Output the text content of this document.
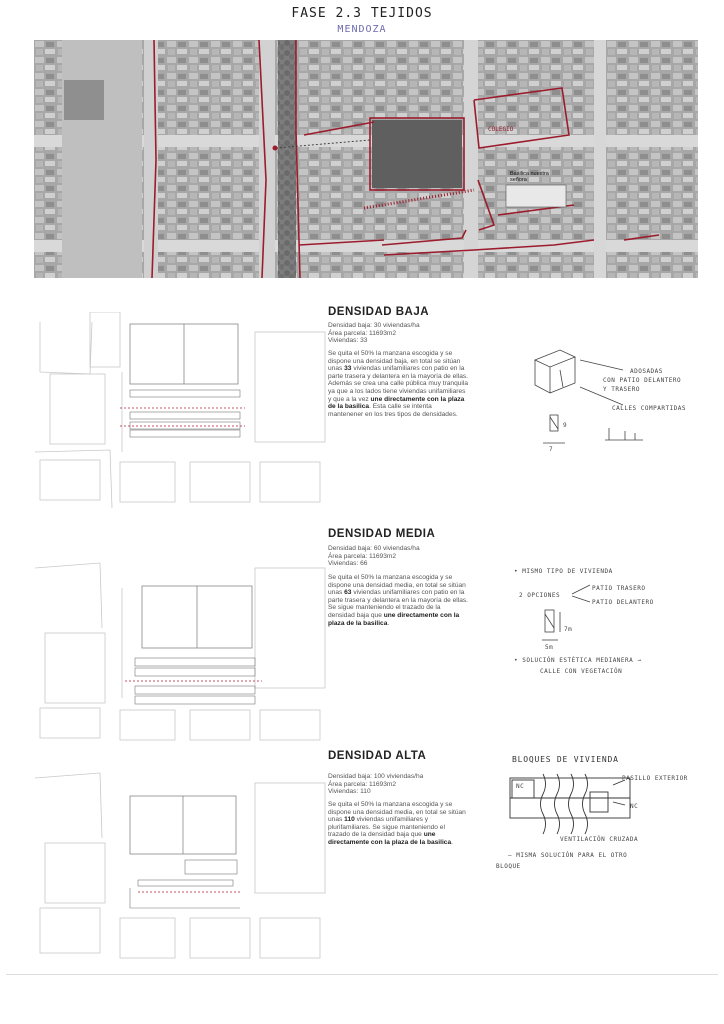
FASE 2.3 TEJIDOS
MENDOZA
COLEGIO
Basilica nuestra señora
DENSIDAD BAJA
Densidad baja: 30 viviendas/ha
Área parcela: 11693m2
Viviendas: 33
Se quita el 50% la manzana escogida y se dispone una densidad baja, en total se sitúan unas 33 viviendas unifamiliares con patio en la parte trasera y delantera en la mayoría de ellas. Además se crea una calle pública muy tranquila ya que a los lados tiene viviendas unifamiliares y que a la vez une directamente con la plaza de la basilica. Esta calle se intenta mantenener en los tres tipos de densidades.
ADOSADAS
CON PATIO DELANTERO
Y TRASERO
CALLES COMPARTIDAS
9
7
DENSIDAD MEDIA
Densidad baja: 60 viviendas/ha
Área parcela: 11693m2
Viviendas: 66
Se quita el 50% la manzana escogida y se dispone una densidad media, en total se sitúan unas 63 viviendas unifamiliares con patio en la parte trasera y delantera en la mayoría de ellas. Se sigue manteniendo el trazado de la densidad baja que une directamente con la plaza de la basilica.
• MISMO TIPO DE VIVIENDA
2 OPCIONES
PATIO TRASERO
PATIO DELANTERO
7m
5m
• SOLUCIÓN ESTÉTICA MEDIANERA →
CALLE CON VEGETACIÓN
DENSIDAD ALTA
Densidad baja: 100 viviendas/ha
Área parcela: 11693m2
Viviendas: 110
Se quita el 50% la manzana escogida y se dispone una densidad media, en total se sitúan unas 110 viviendas unifamiliares y plurifamiliares. Se sigue manteniendo el trazado de la densidad baja que une directamente con la plaza de la basilica.
BLOQUES DE VIVIENDA
PASILLO EXTERIOR
NC
NC
VENTILACIÓN CRUZADA
— MISMA SOLUCIÓN PARA EL OTRO
BLOQUE
